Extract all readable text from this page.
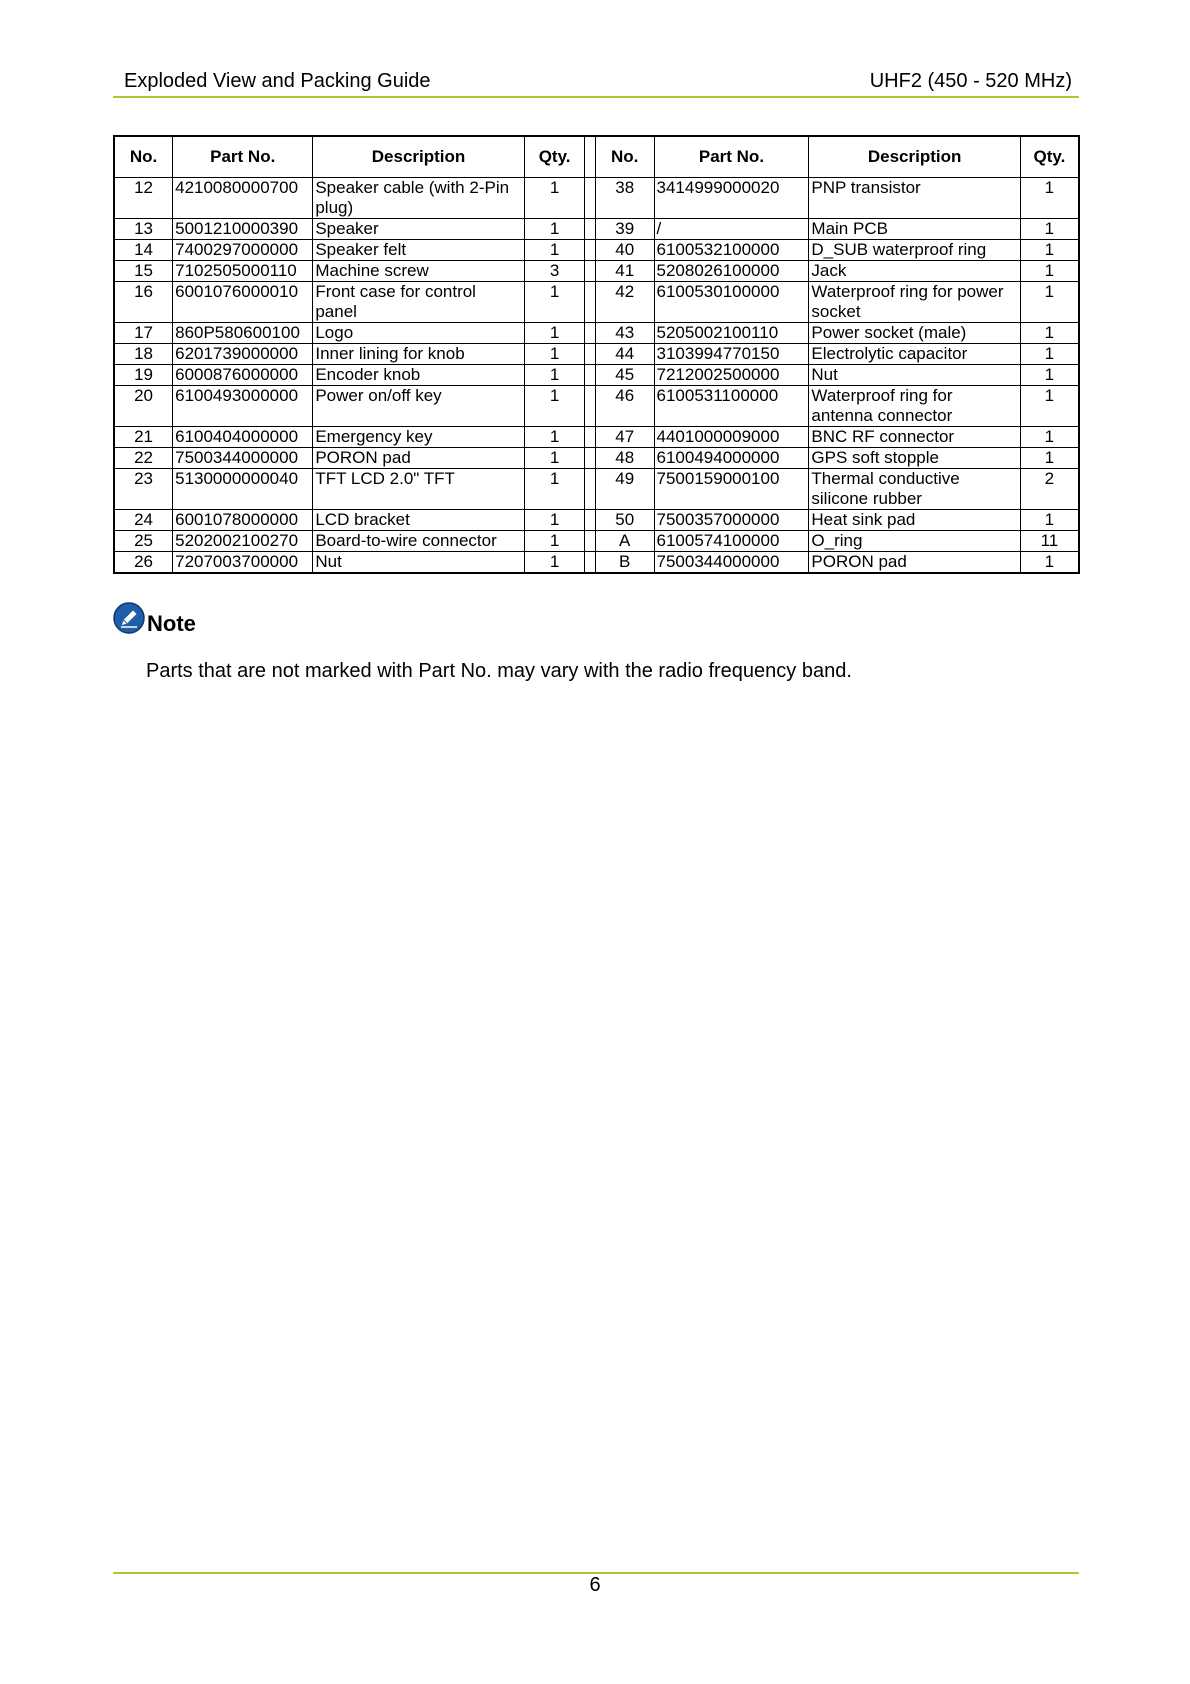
Exploded View and Packing Guide	UHF2 (450 - 520 MHz)
No.	Part No.	Description	Qty.		No.	Part No.	Description	Qty.
12	4210080000700	Speaker cable (with 2-Pin plug)	1		38	3414999000020	PNP transistor	1
13	5001210000390	Speaker	1		39	/	Main PCB	1
14	7400297000000	Speaker felt	1		40	6100532100000	D_SUB waterproof ring	1
15	7102505000110	Machine screw	3		41	5208026100000	Jack	1
16	6001076000010	Front case for control panel	1		42	6100530100000	Waterproof ring for power socket	1
17	860P580600100	Logo	1		43	5205002100110	Power socket (male)	1
18	6201739000000	Inner lining for knob	1		44	3103994770150	Electrolytic capacitor	1
19	6000876000000	Encoder knob	1		45	7212002500000	Nut	1
20	6100493000000	Power on/off key	1		46	6100531100000	Waterproof ring for antenna connector	1
21	6100404000000	Emergency key	1		47	4401000009000	BNC RF connector	1
22	7500344000000	PORON pad	1		48	6100494000000	GPS soft stopple	1
23	5130000000040	TFT LCD 2.0" TFT	1		49	7500159000100	Thermal conductive silicone rubber	2
24	6001078000000	LCD bracket	1		50	7500357000000	Heat sink pad	1
25	5202002100270	Board-to-wire connector	1		A	6100574100000	O_ring	11
26	7207003700000	Nut	1		B	7500344000000	PORON pad	1
Note
Parts that are not marked with Part No. may vary with the radio frequency band.
6
